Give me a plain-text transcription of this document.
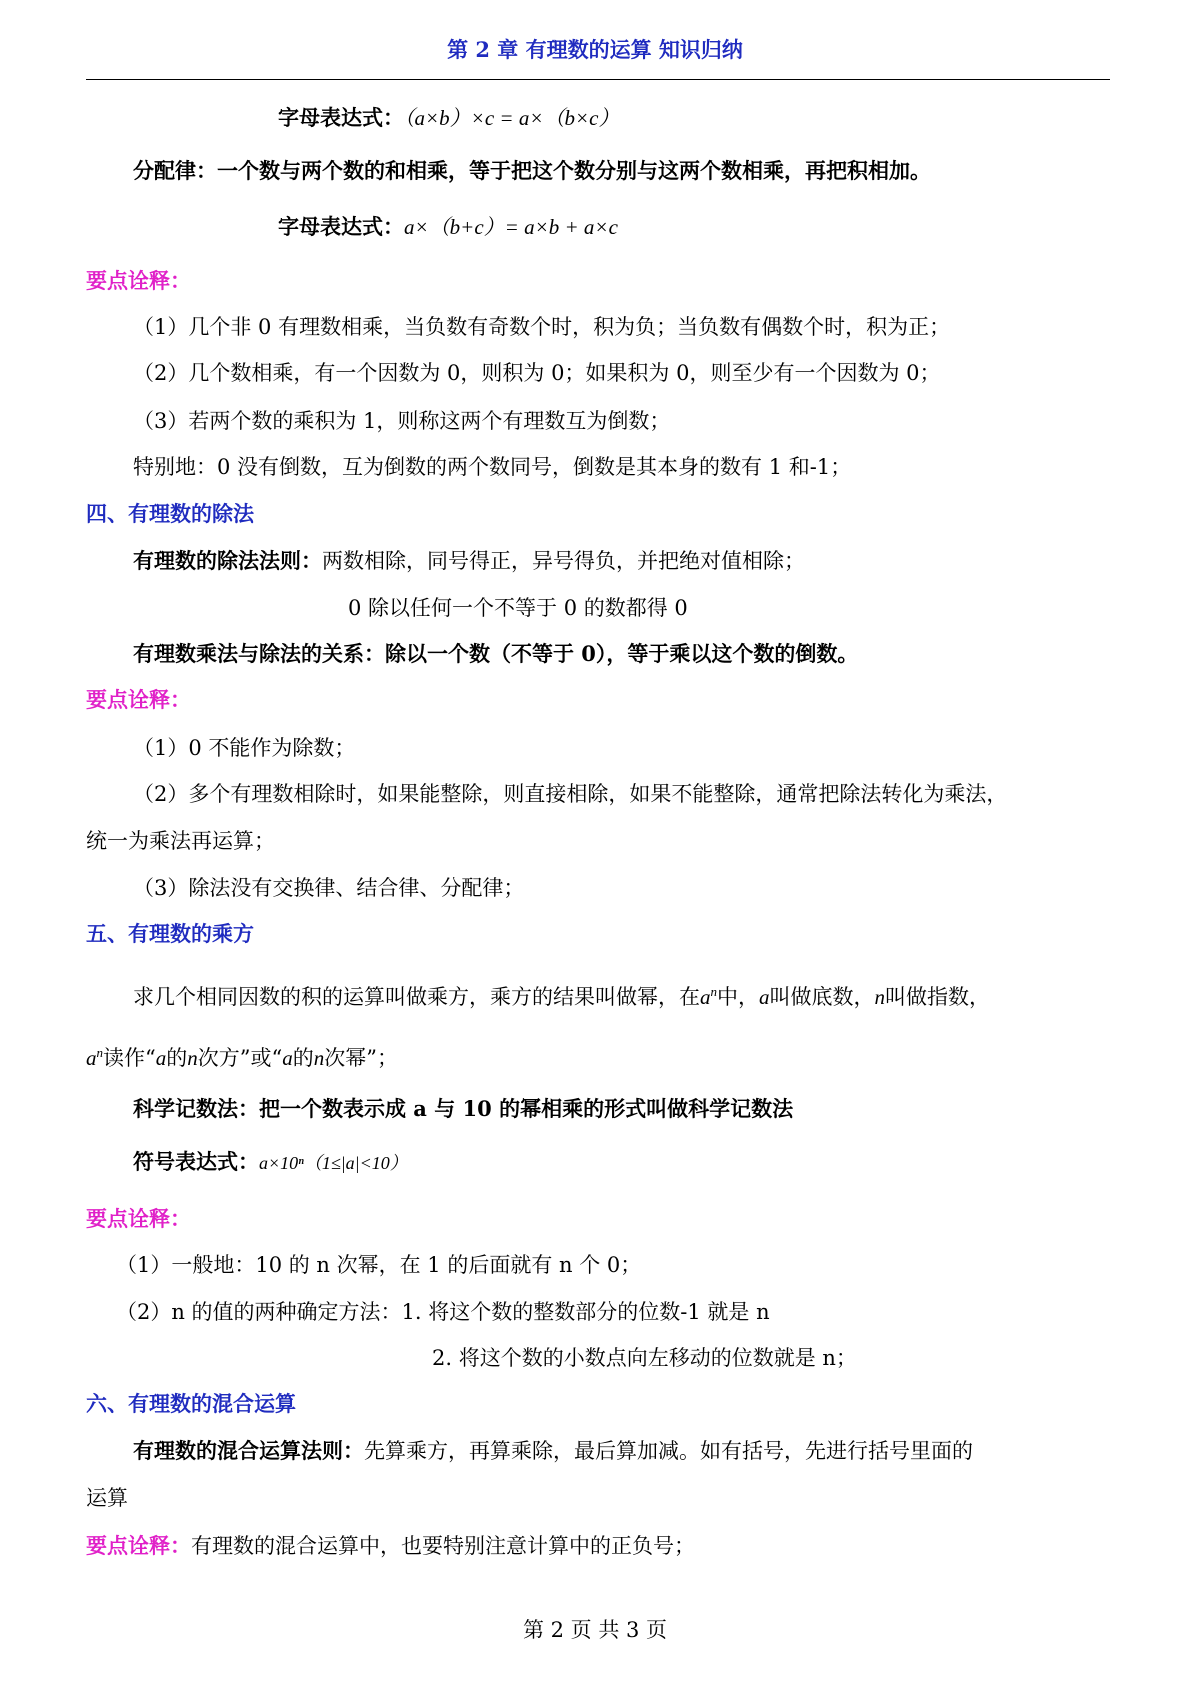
第 2 章 有理数的运算 知识归纳
字母表达式：（a×b）×c = a×（b×c）
分配律：一个数与两个数的和相乘，等于把这个数分别与这两个数相乘，再把积相加。
字母表达式：a×（b+c）= a×b + a×c
要点诠释：
（1）几个非 0 有理数相乘，当负数有奇数个时，积为负；当负数有偶数个时，积为正；
（2）几个数相乘，有一个因数为 0，则积为 0；如果积为 0，则至少有一个因数为 0；
（3）若两个数的乘积为 1，则称这两个有理数互为倒数；
特别地：0 没有倒数，互为倒数的两个数同号，倒数是其本身的数有 1 和-1；
四、有理数的除法
有理数的除法法则：两数相除，同号得正，异号得负，并把绝对值相除；
0 除以任何一个不等于 0 的数都得 0
有理数乘法与除法的关系：除以一个数（不等于 0），等于乘以这个数的倒数。
要点诠释：
（1）0 不能作为除数；
（2）多个有理数相除时，如果能整除，则直接相除，如果不能整除，通常把除法转化为乘法，
统一为乘法再运算；
（3）除法没有交换律、结合律、分配律；
五、有理数的乘方
求几个相同因数的积的运算叫做乘方，乘方的结果叫做幂，在$a^n$中，a叫做底数，n叫做指数，
$a^n$读作“a的n次方”或“a的n次幂”；
科学记数法：把一个数表示成 a 与 10 的幂相乘的形式叫做科学记数法
符号表达式：a×10ⁿ（1≤|a|<10）
要点诠释：
（1）一般地：10 的 n 次幂，在 1 的后面就有 n 个 0；
（2）n 的值的两种确定方法：1. 将这个数的整数部分的位数-1 就是 n
2. 将这个数的小数点向左移动的位数就是 n；
六、有理数的混合运算
有理数的混合运算法则：先算乘方，再算乘除，最后算加减。如有括号，先进行括号里面的
运算
要点诠释：有理数的混合运算中，也要特别注意计算中的正负号；
第 2 页 共 3 页
